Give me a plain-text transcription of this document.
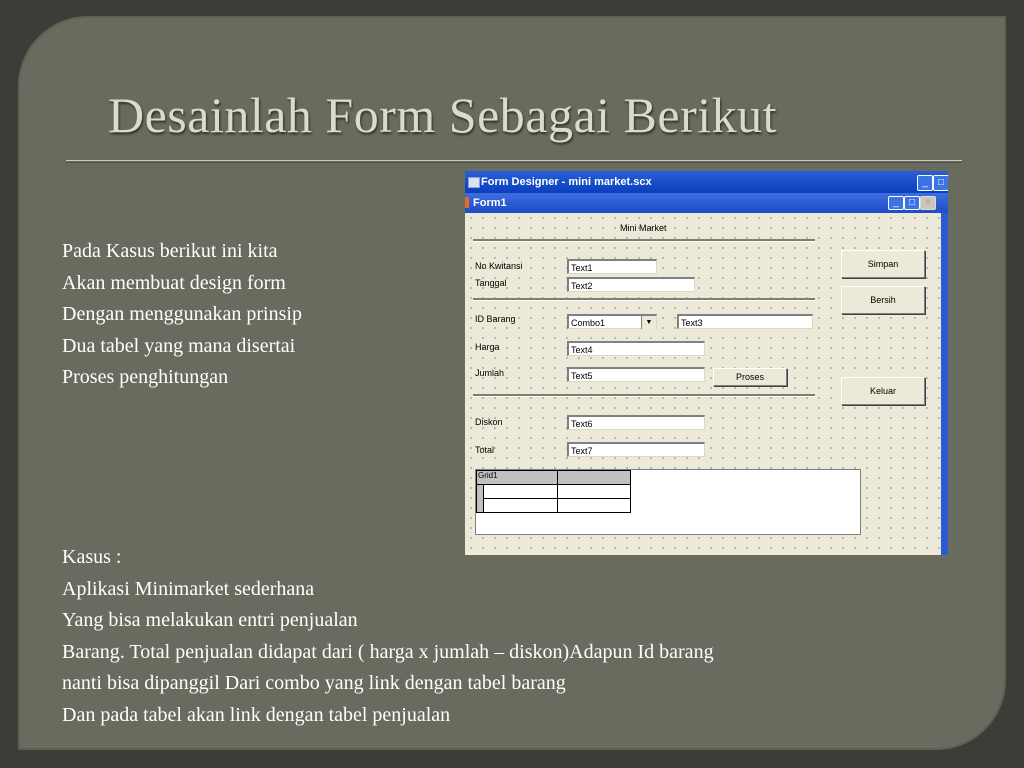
Desainlah Form Sebagai Berikut
Pada Kasus berikut ini kita
Akan membuat design form
Dengan menggunakan prinsip
Dua tabel yang mana disertai
Proses penghitungan
Kasus :
Aplikasi Minimarket sederhana
Yang bisa melakukan entri penjualan
Barang. Total penjualan didapat dari ( harga x jumlah – diskon)Adapun Id barang
nanti bisa dipanggil Dari combo yang link dengan tabel barang
Dan pada tabel akan link dengan tabel penjualan
Form Designer - mini market.scx	_	□
Form1	_	□	×
Mini Market
No Kwitansi	Text1
Tanggal	Text2
ID Barang	Combo1	▼	Text3
Harga	Text4
Jumlah	Text5	Proses
Diskon	Text6
Total	Text7
Simpan
Bersih
Keluar
Grid1
